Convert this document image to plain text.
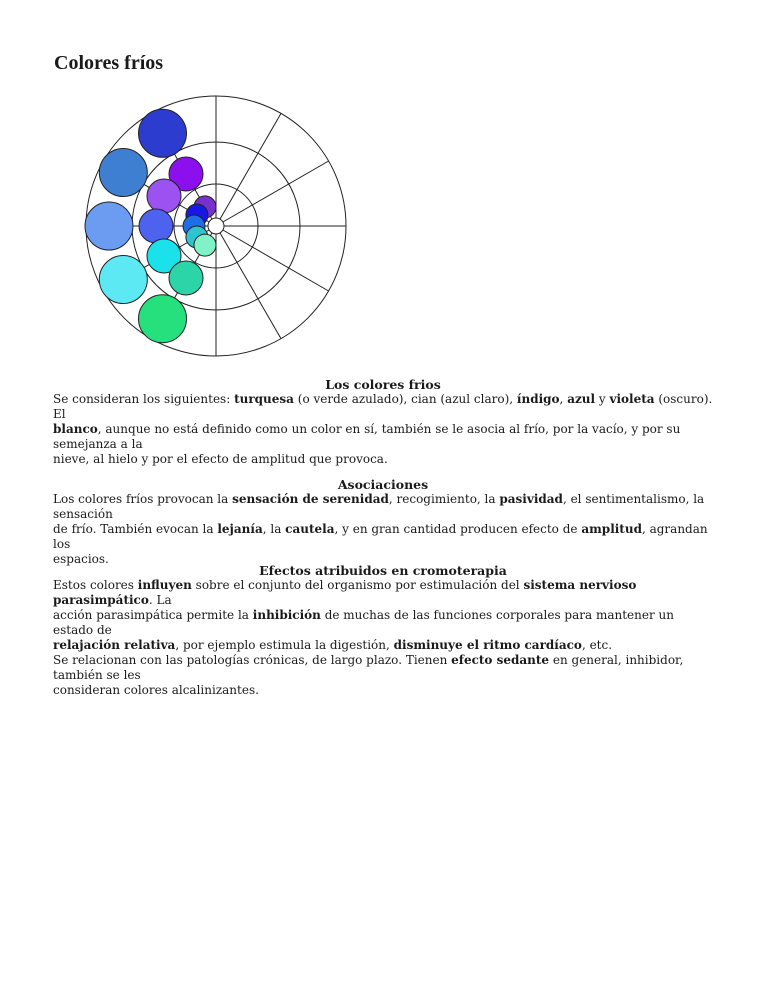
Colores fríos

Los colores frios

Se consideran los siguientes: turquesa (o verde azulado), cian (azul claro), índigo, azul y violeta (oscuro). El
blanco, aunque no está definido como un color en sí, también se le asocia al frío, por la vacío, y por su semejanza a la
nieve, al hielo y por el efecto de amplitud que provoca.

Asociaciones

Los colores fríos provocan la sensación de serenidad, recogimiento, la pasividad, el sentimentalismo, la sensación
de frío. También evocan la lejanía, la cautela, y en gran cantidad producen efecto de amplitud, agrandan los
espacios.

Efectos atribuidos en cromoterapia

Estos colores influyen sobre el conjunto del organismo por estimulación del sistema nervioso parasimpático. La
acción parasimpática permite la inhibición de muchas de las funciones corporales para mantener un estado de
relajación relativa, por ejemplo estimula la digestión, disminuye el ritmo cardíaco, etc.
Se relacionan con las patologías crónicas, de largo plazo. Tienen efecto sedante en general, inhibidor, también se les
consideran colores alcalinizantes.
